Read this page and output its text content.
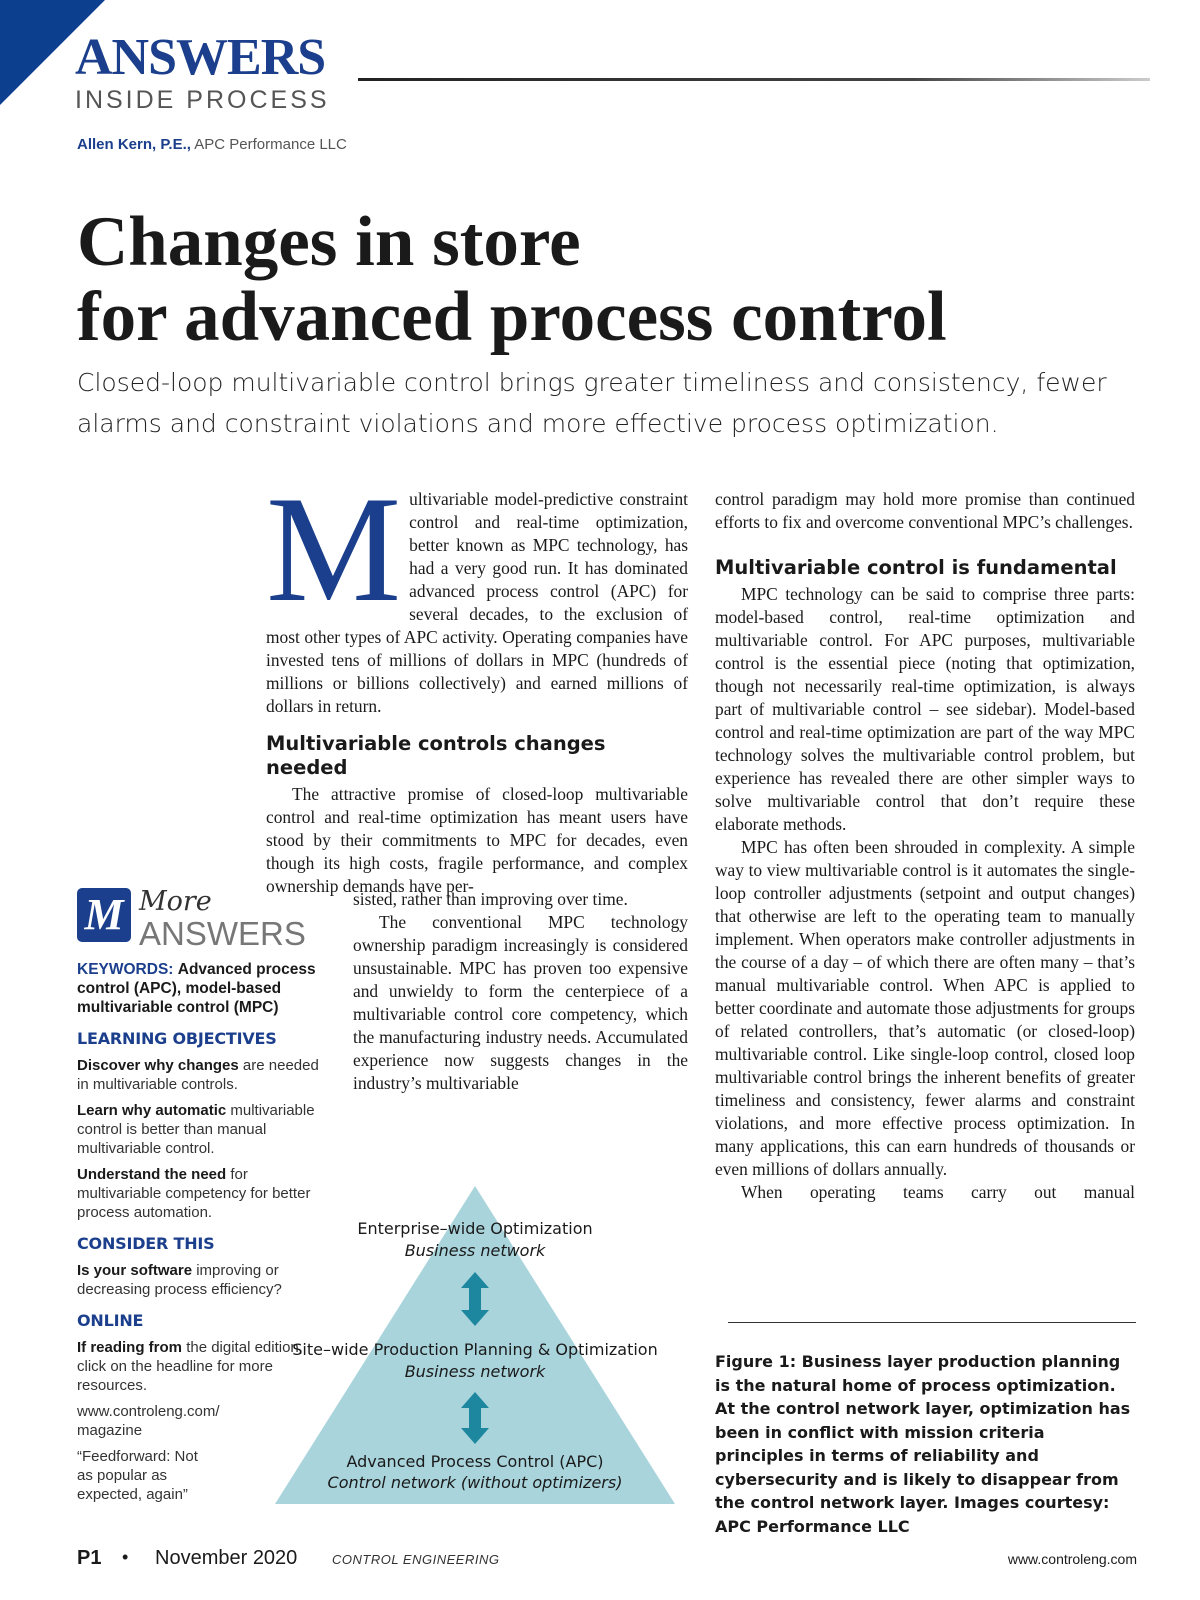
ANSWERS
INSIDE PROCESS
Allen Kern, P.E., APC Performance LLC
Changes in store
for advanced process control
Closed-loop multivariable control brings greater timeliness and consistency, fewer alarms and constraint violations and more effective process optimization.
M ultivariable model-predictive constraint control and real-time optimization, better known as MPC technology, has had a very good run. It has dominated advanced process control (APC) for several decades, to the exclusion of most other types of APC activity. Operating companies have invested tens of millions of dollars in MPC (hundreds of millions or billions collectively) and earned millions of dollars in return.

Multivariable controls changes needed

The attractive promise of closed-loop multivariable control and real-time optimization has meant users have stood by their commitments to MPC for decades, even though its high costs, fragile performance, and complex ownership demands have per-

sisted, rather than improving over time.

The conventional MPC technology ownership paradigm increasingly is considered unsustainable. MPC has proven too expensive and unwieldy to form the centerpiece of a multivariable control core competency, which the manufacturing industry needs. Accumulated experience now suggests changes in the industry’s multivariable

control paradigm may hold more promise than continued efforts to fix and overcome conventional MPC’s challenges.

Multivariable control is fundamental

MPC technology can be said to comprise three parts: model-based control, real-time optimization and multivariable control. For APC purposes, multivariable control is the essential piece (noting that optimization, though not necessarily real-time optimization, is always part of multivariable control – see sidebar). Model-based control and real-time optimization are part of the way MPC technology solves the multivariable control problem, but experience has revealed there are other simpler ways to solve multivariable control that don’t require these elaborate methods.

MPC has often been shrouded in complexity. A simple way to view multivariable control is it automates the single-loop controller adjustments (setpoint and output changes) that otherwise are left to the operating team to manually implement. When operators make controller adjustments in the course of a day – of which there are often many – that’s manual multivariable control. When APC is applied to better coordinate and automate those adjustments for groups of related controllers, that’s automatic (or closed-loop) multivariable control. Like single-loop control, closed loop multivariable control brings the inherent benefits of greater timeliness and consistency, fewer alarms and constraint violations, and more effective process optimization. In many applications, this can earn hundreds of thousands or even millions of dollars annually.

When operating teams carry out manual

M More
ANSWERS

KEYWORDS: Advanced process control (APC), model-based multivariable control (MPC)

LEARNING OBJECTIVES

Discover why changes are needed in multivariable controls.

Learn why automatic multivariable control is better than manual multivariable control.

Understand the need for multivariable competency for better process automation.

CONSIDER THIS

Is your software improving or decreasing process efficiency?

ONLINE

If reading from the digital edition, click on the headline for more resources.

www.controleng.com/
magazine

“Feedforward: Not
as popular as
expected, again”

Enterprise–wide Optimization
Business network
Site–wide Production Planning & Optimization
Business network
Advanced Process Control (APC)
Control network (without optimizers)
Figure 1: Business layer production planning is the natural home of process optimization. At the control network layer, optimization has been in conflict with mission criteria principles in terms of reliability and cybersecurity and is likely to disappear from the control network layer. Images courtesy: APC Performance LLC
P1 • November 2020	CONTROL ENGINEERING	www.controleng.com
